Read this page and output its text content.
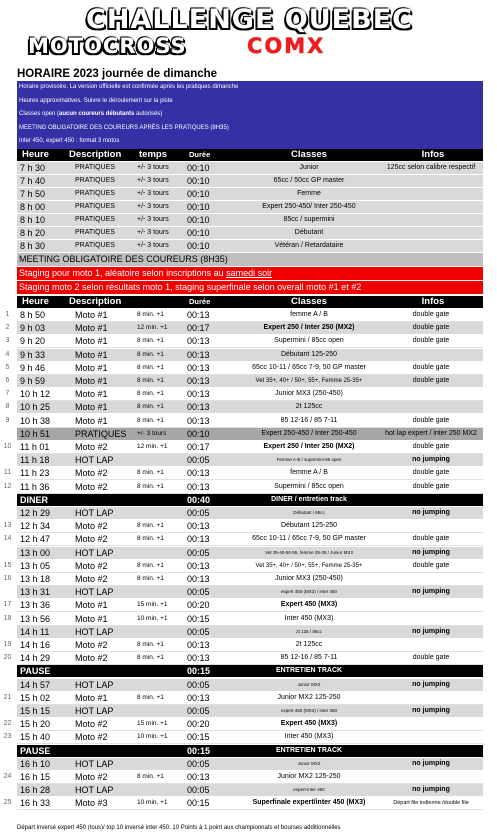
CHALLENGE QUEBEC
MOTOCROSS	COMX
HORAIRE 2023 journée de dimanche
Horaire provisoire. La version officielle est confirmée après les pratiques dimanche
Heures approximatives. Suivre le déroulement sur la piste
Classes open (aucun coureurs débutants autorisés)
MEETING OBLIGATOIRE DES COUREURS APRÈS LES PRATIQUES (8H35)
Inter 450, expert 450 : format 3 motos
Heure Description temps	Durée	Classes	Infos
7 h 30	PRATIQUES	+/- 3 tours 00:10	Junior	125cc selon calibre respectif
7 h 40	PRATIQUES	+/- 3 tours 00:10	65cc / 50cc GP master
7 h 50	PRATIQUES	+/- 3 tours 00:10	Femme
8 h 00	PRATIQUES	+/- 3 tours 00:10	Expert 250-450/ Inter 250-450
8 h 10	PRATIQUES	+/- 3 tours 00:10	85cc / supermini
8 h 20	PRATIQUES	+/- 3 tours 00:10	Débutant
8 h 30	PRATIQUES	+/- 3 tours 00:10	Vétéran / Retardataire
MEETING OBLIGATOIRE DES COUREURS (8H35)
Staging pour moto 1, aléatoire selon inscriptions au samedi soir
Staging moto 2 selon résultats moto 1, staging superfinale selon overall moto #1 et #2
Heure Description	Durée	Classes	Infos
1	8 h 50	Moto #1	8 min. +1	00:13	femme A / B	double gate
2	9 h 03	Moto #1	12 min. +1 00:17	Expert 250 / Inter 250 (MX2)	double gate
3	9 h 20	Moto #1	8 min. +1	00:13	Supermini / 85cc open	double gate
4	9 h 33	Moto #1	8 min. +1	00:13	Débutant 125-250
5	9 h 46	Moto #1	8 min. +1	00:13	65cc 10-11 / 65cc 7-9, 50 GP master	double gate
6	9 h 59	Moto #1	8 min. +1	00:13	Vet 35+, 40+ / 50+, 55+, Femme 25-35+	double gate
7	10 h 12	Moto #1	8 min. +1	00:13	Junior MX3 (250-450)
8	10 h 25	Moto #1	8 min. +1	00:13	2t 125cc
9	10 h 38	Moto #1	8 min. +1	00:13	85 12-16 / 85 7-11	double gate
10 h 51	PRATIQUES +/- 3 tours 00:10	Expert 250-450 / Inter 250-450	hot lap expert / inter 250 MX2
10 11 h 01	Moto #2	12 min. +1 00:17	Expert 250 / Inter 250 (MX2)	double gate
11 h 18	HOT LAP	00:05	Femme A-B / supermini-85 open	no jumping
11 11 h 23	Moto #2	8 min. +1	00:13	femme A / B	double gate
12 11 h 36	Moto #2	8 min. +1	00:13	Supermini / 85cc open	double gate
DINER	00:40	DINER / entretien track
12 h 29	HOT LAP	00:05	Débutant / 65cc	no jumping
13 12 h 34	Moto #2	8 min. +1	00:13	Débutant 125-250
14 12 h 47	Moto #2	8 min. +1	00:13	65cc 10-11 / 65cc 7-9, 50 GP master	double gate
13 h 00	HOT LAP	00:05	Vet 35-40-50-55, femme 25-35 / Junior MX3	no jumping
15 13 h 05	Moto #2	8 min. +1	00:13	Vet 35+, 40+ / 50+, 55+, Femme 25-35+	double gate
16 13 h 18	Moto #2	8 min. +1	00:13	Junior MX3 (250-450)
13 h 31	HOT LAP	00:05	expert 450 (MX3) / inter 450	no jumping
17 13 h 36	Moto #1	15 min. +1 00:20	Expert 450 (MX3)
18 13 h 56	Moto #1	10 min. +1 00:15	Inter 450 (MX3)
14 h 11	HOT LAP	00:05	2t 125 / 85cc	no jumping
19 14 h 16	Moto #2	8 min. +1	00:13	2t 125cc
20 14 h 29	Moto #2	8 min. +1	00:13	85 12-16 / 85 7-11	double gate
PAUSE	00:15	ENTRETIEN TRACK
14 h 57	HOT LAP	00:05	Junior MX2	no jumping
21 15 h 02	Moto #1	8 min. +1	00:13	Junior MX2 125-250
15 h 15	HOT LAP	00:05	expert 450 (MX3) / inter 450	no jumping
22 15 h 20	Moto #2	15 min. +1 00:20	Expert 450 (MX3)
23 15 h 40	Moto #2	10 min. +1 00:15	Inter 450 (MX3)
PAUSE	00:15	ENTRETIEN TRACK
16 h 10	HOT LAP	00:05	Junior MX2	no jumping
24 16 h 15	Moto #2	8 min. +1	00:13	Junior MX2 125-250
16 h 28	HOT LAP	00:05	expert-inter 450	no jumping
25 16 h 33	Moto #3	10 min. +1 00:15	Superfinale expert/inter 450 (MX3)	Départ file indienne /double file
Départ inversé expert 450 (tous)/ top 10 inversé inter 450. 10 Points à 1 point aux championnats et bourses additionnelles
